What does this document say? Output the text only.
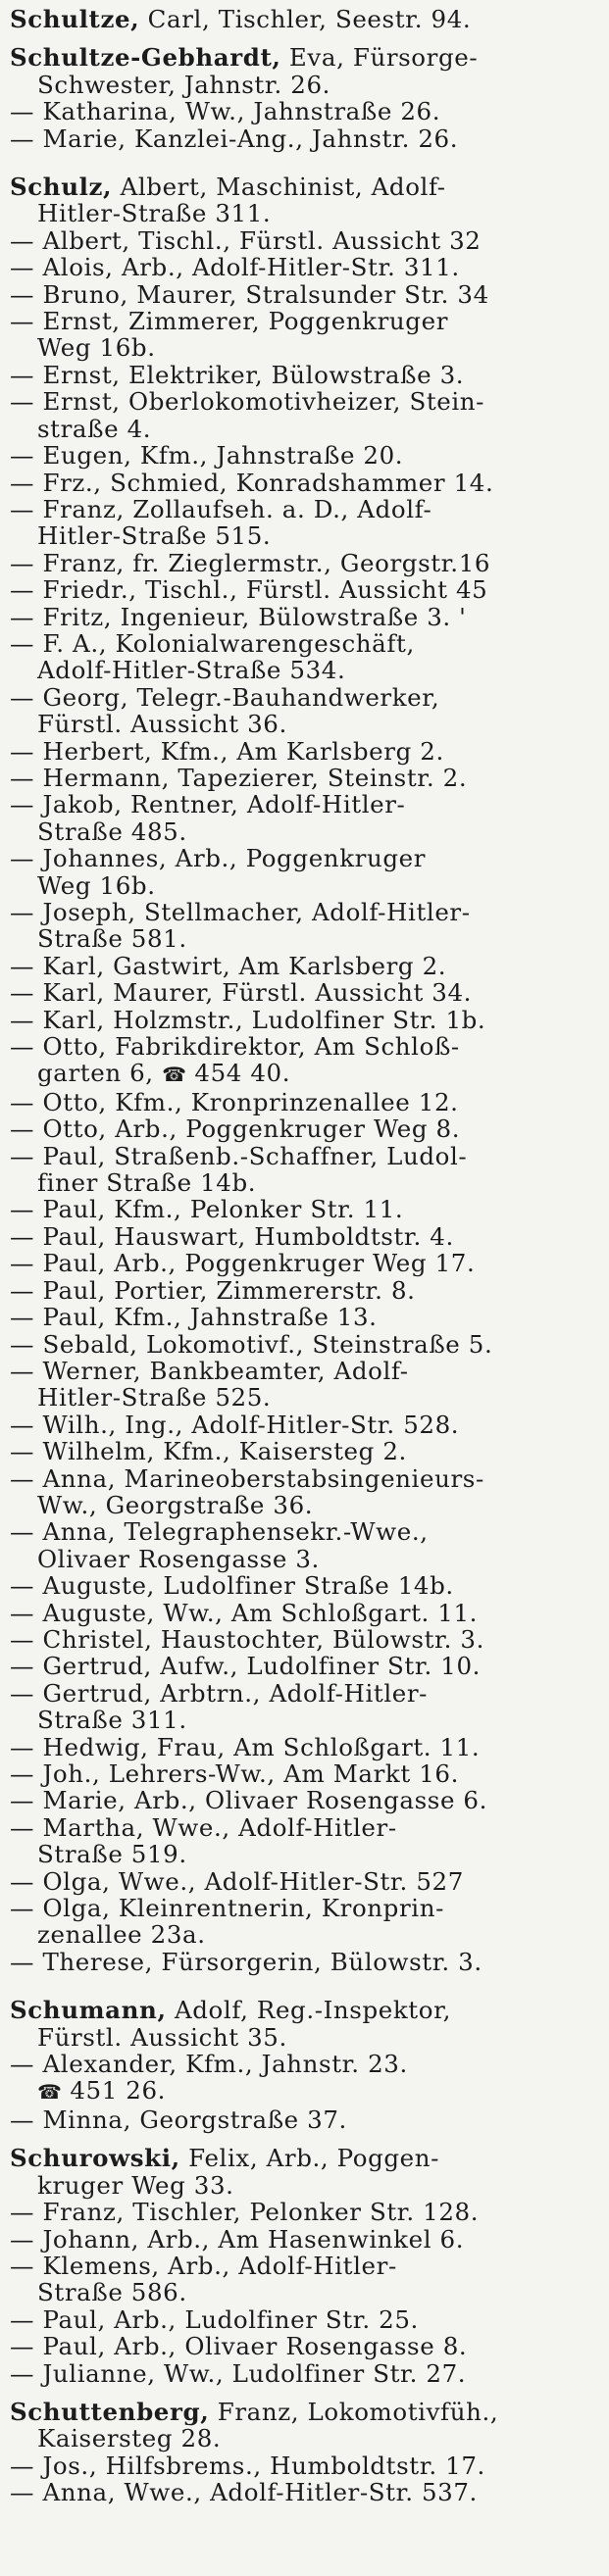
Schultze, Carl, Tischler, Seestr. 94.

Schultze-Gebhardt, Eva, Fürsorge-
Schwester, Jahnstr. 26.

— Katharina, Ww., Jahnstraße 26.

— Marie, Kanzlei-Ang., Jahnstr. 26.

Schulz, Albert, Maschinist, Adolf-
Hitler-Straße 311.

— Albert, Tischl., Fürstl. Aussicht 32

— Alois, Arb., Adolf-Hitler-Str. 311.

— Bruno, Maurer, Stralsunder Str. 34

— Ernst, Zimmerer, Poggenkruger
Weg 16b.

— Ernst, Elektriker, Bülowstraße 3.

— Ernst, Oberlokomotivheizer, Stein-
straße 4.

— Eugen, Kfm., Jahnstraße 20.

— Frz., Schmied, Konradshammer 14.

— Franz, Zollaufseh. a. D., Adolf-
Hitler-Straße 515.

— Franz, fr. Zieglermstr., Georgstr.16

— Friedr., Tischl., Fürstl. Aussicht 45

— Fritz, Ingenieur, Bülowstraße 3. '

— F. A., Kolonialwarengeschäft,
Adolf-Hitler-Straße 534.

— Georg, Telegr.-Bauhandwerker,
Fürstl. Aussicht 36.

— Herbert, Kfm., Am Karlsberg 2.

— Hermann, Tapezierer, Steinstr. 2.

— Jakob, Rentner, Adolf-Hitler-
Straße 485.

— Johannes, Arb., Poggenkruger
Weg 16b.

— Joseph, Stellmacher, Adolf-Hitler-
Straße 581.

— Karl, Gastwirt, Am Karlsberg 2.

— Karl, Maurer, Fürstl. Aussicht 34.

— Karl, Holzmstr., Ludolfiner Str. 1b.

— Otto, Fabrikdirektor, Am Schloß-
garten 6, ☎ 454 40.

— Otto, Kfm., Kronprinzenallee 12.

— Otto, Arb., Poggenkruger Weg 8.

— Paul, Straßenb.-Schaffner, Ludol-
finer Straße 14b.

— Paul, Kfm., Pelonker Str. 11.

— Paul, Hauswart, Humboldtstr. 4.

— Paul, Arb., Poggenkruger Weg 17.

— Paul, Portier, Zimmererstr. 8.

— Paul, Kfm., Jahnstraße 13.

— Sebald, Lokomotivf., Steinstraße 5.

— Werner, Bankbeamter, Adolf-
Hitler-Straße 525.

— Wilh., Ing., Adolf-Hitler-Str. 528.

— Wilhelm, Kfm., Kaisersteg 2.

— Anna, Marineoberstabsingenieurs-
Ww., Georgstraße 36.

— Anna, Telegraphensekr.-Wwe.,
Olivaer Rosengasse 3.

— Auguste, Ludolfiner Straße 14b.

— Auguste, Ww., Am Schloßgart. 11.

— Christel, Haustochter, Bülowstr. 3.

— Gertrud, Aufw., Ludolfiner Str. 10.

— Gertrud, Arbtrn., Adolf-Hitler-
Straße 311.

— Hedwig, Frau, Am Schloßgart. 11.

— Joh., Lehrers-Ww., Am Markt 16.

— Marie, Arb., Olivaer Rosengasse 6.

— Martha, Wwe., Adolf-Hitler-
Straße 519.

— Olga, Wwe., Adolf-Hitler-Str. 527

— Olga, Kleinrentnerin, Kronprin-
zenallee 23a.

— Therese, Fürsorgerin, Bülowstr. 3.

Schumann, Adolf, Reg.-Inspektor,
Fürstl. Aussicht 35.

— Alexander, Kfm., Jahnstr. 23.
☎ 451 26.

— Minna, Georgstraße 37.

Schurowski, Felix, Arb., Poggen-
kruger Weg 33.

— Franz, Tischler, Pelonker Str. 128.

— Johann, Arb., Am Hasenwinkel 6.

— Klemens, Arb., Adolf-Hitler-
Straße 586.

— Paul, Arb., Ludolfiner Str. 25.

— Paul, Arb., Olivaer Rosengasse 8.

— Julianne, Ww., Ludolfiner Str. 27.

Schuttenberg, Franz, Lokomotivfüh.,
Kaisersteg 28.

— Jos., Hilfsbrems., Humboldtstr. 17.

— Anna, Wwe., Adolf-Hitler-Str. 537.
